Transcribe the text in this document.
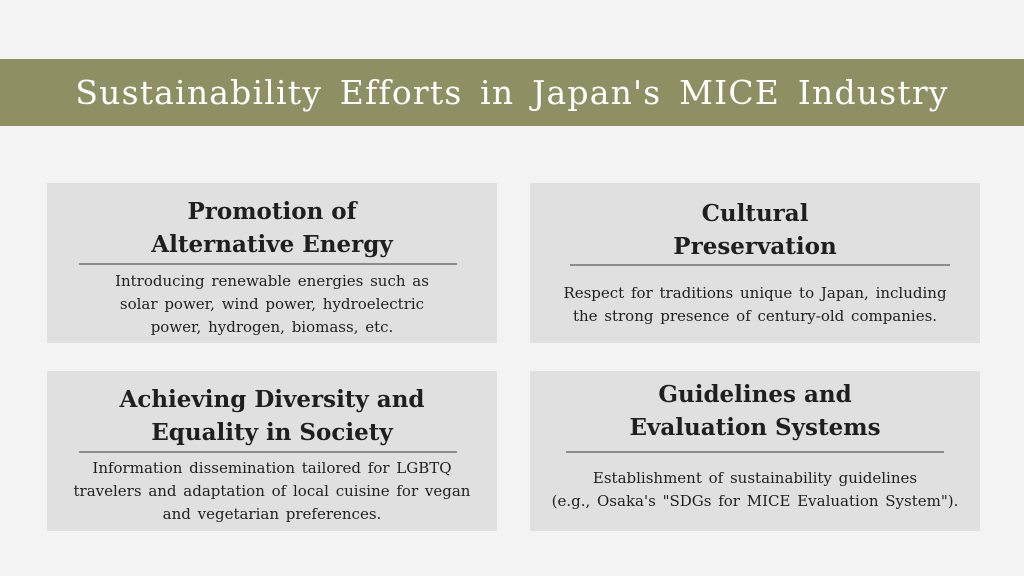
Sustainability Efforts in Japan's MICE Industry
Promotion of
Alternative Energy
Introducing renewable energies such as
solar power, wind power, hydroelectric
power, hydrogen, biomass, etc.
Cultural
Preservation
Respect for traditions unique to Japan, including
the strong presence of century-old companies.
Achieving Diversity and
Equality in Society
Information dissemination tailored for LGBTQ
travelers and adaptation of local cuisine for vegan
and vegetarian preferences.
Guidelines and
Evaluation Systems
Establishment of sustainability guidelines
(e.g., Osaka's "SDGs for MICE Evaluation System").
